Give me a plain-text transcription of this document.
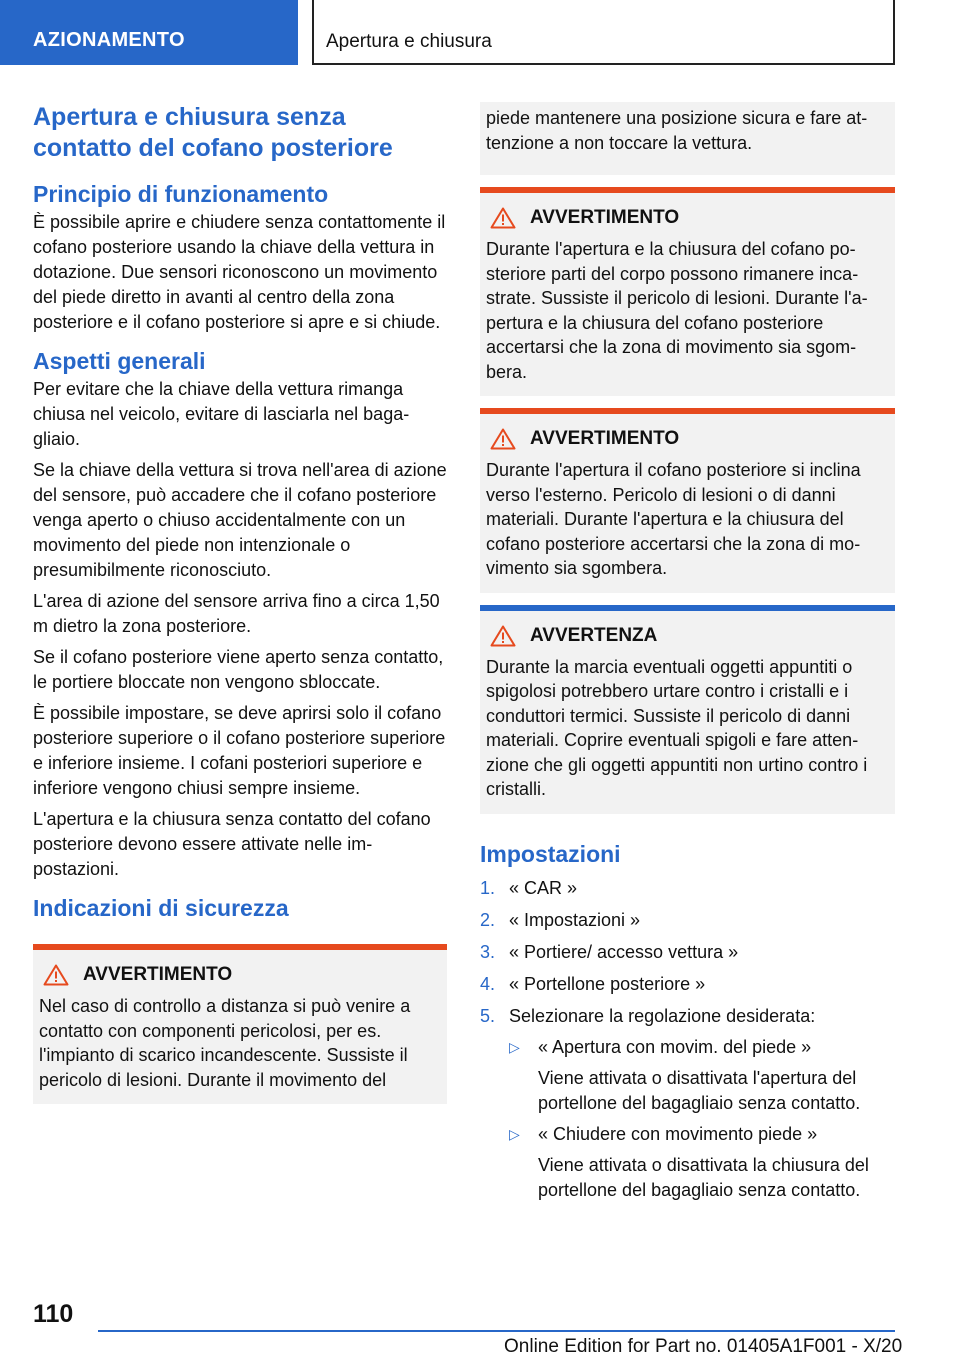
AZIONAMENTO	Apertura e chiusura
Apertura e chiusura senza contatto del cofano posteriore
Principio di funzionamento

È possibile aprire e chiudere senza contattomente il cofano posteriore usando la chiave della vettura in dotazione. Due sensori riconoscono un movimento del piede diretto in avanti al centro della zona posteriore e il cofano posteriore si apre e si chiude.

Aspetti generali

Per evitare che la chiave della vettura rimanga chiusa nel veicolo, evitare di lasciarla nel bagagliaio.

Se la chiave della vettura si trova nell'area di azione del sensore, può accadere che il cofano posteriore venga aperto o chiuso accidentalmente con un movimento del piede non intenzionale o presumibilmente riconosciuto.

L'area di azione del sensore arriva fino a circa 1,50 m dietro la zona posteriore.

Se il cofano posteriore viene aperto senza contatto, le portiere bloccate non vengono sbloccate.

È possibile impostare, se deve aprirsi solo il cofano posteriore superiore o il cofano posteriore superiore e inferiore insieme. I cofani posteriori superiore e inferiore vengono chiusi sempre insieme.

L'apertura e la chiusura senza contatto del cofano posteriore devono essere attivate nelle impostazioni.

Indicazioni di sicurezza
AVVERTIMENTO

Nel caso di controllo a distanza si può venire a contatto con componenti pericolosi, per es. l'impianto di scarico incandescente. Sussiste il pericolo di lesioni. Durante il movimento del

piede mantenere una posizione sicura e fare attenzione a non toccare la vettura.

AVVERTIMENTO

Durante l'apertura e la chiusura del cofano posteriore parti del corpo possono rimanere incastrate. Sussiste il pericolo di lesioni. Durante l'apertura e la chiusura del cofano posteriore accertarsi che la zona di movimento sia sgombera.

AVVERTIMENTO

Durante l'apertura il cofano posteriore si inclina verso l'esterno. Pericolo di lesioni o di danni materiali. Durante l'apertura e la chiusura del cofano posteriore accertarsi che la zona di movimento sia sgombera.

AVVERTENZA

Durante la marcia eventuali oggetti appuntiti o spigolosi potrebbero urtare contro i cristalli e i conduttori termici. Sussiste il pericolo di danni materiali. Coprire eventuali spigoli e fare attenzione che gli oggetti appuntiti non urtino contro i cristalli.

Impostazioni
1. « CAR »
2. « Impostazioni »
3. « Portiere/ accesso vettura »
4. « Portellone posteriore »
5. Selezionare la regolazione desiderata:
▷	« Apertura con movim. del piede »
Viene attivata o disattivata l'apertura del portellone del bagagliaio senza contatto.
▷	« Chiudere con movimento piede »
Viene attivata o disattivata la chiusura del portellone del bagagliaio senza contatto.
110
Online Edition for Part no. 01405A1F001 - X/20
